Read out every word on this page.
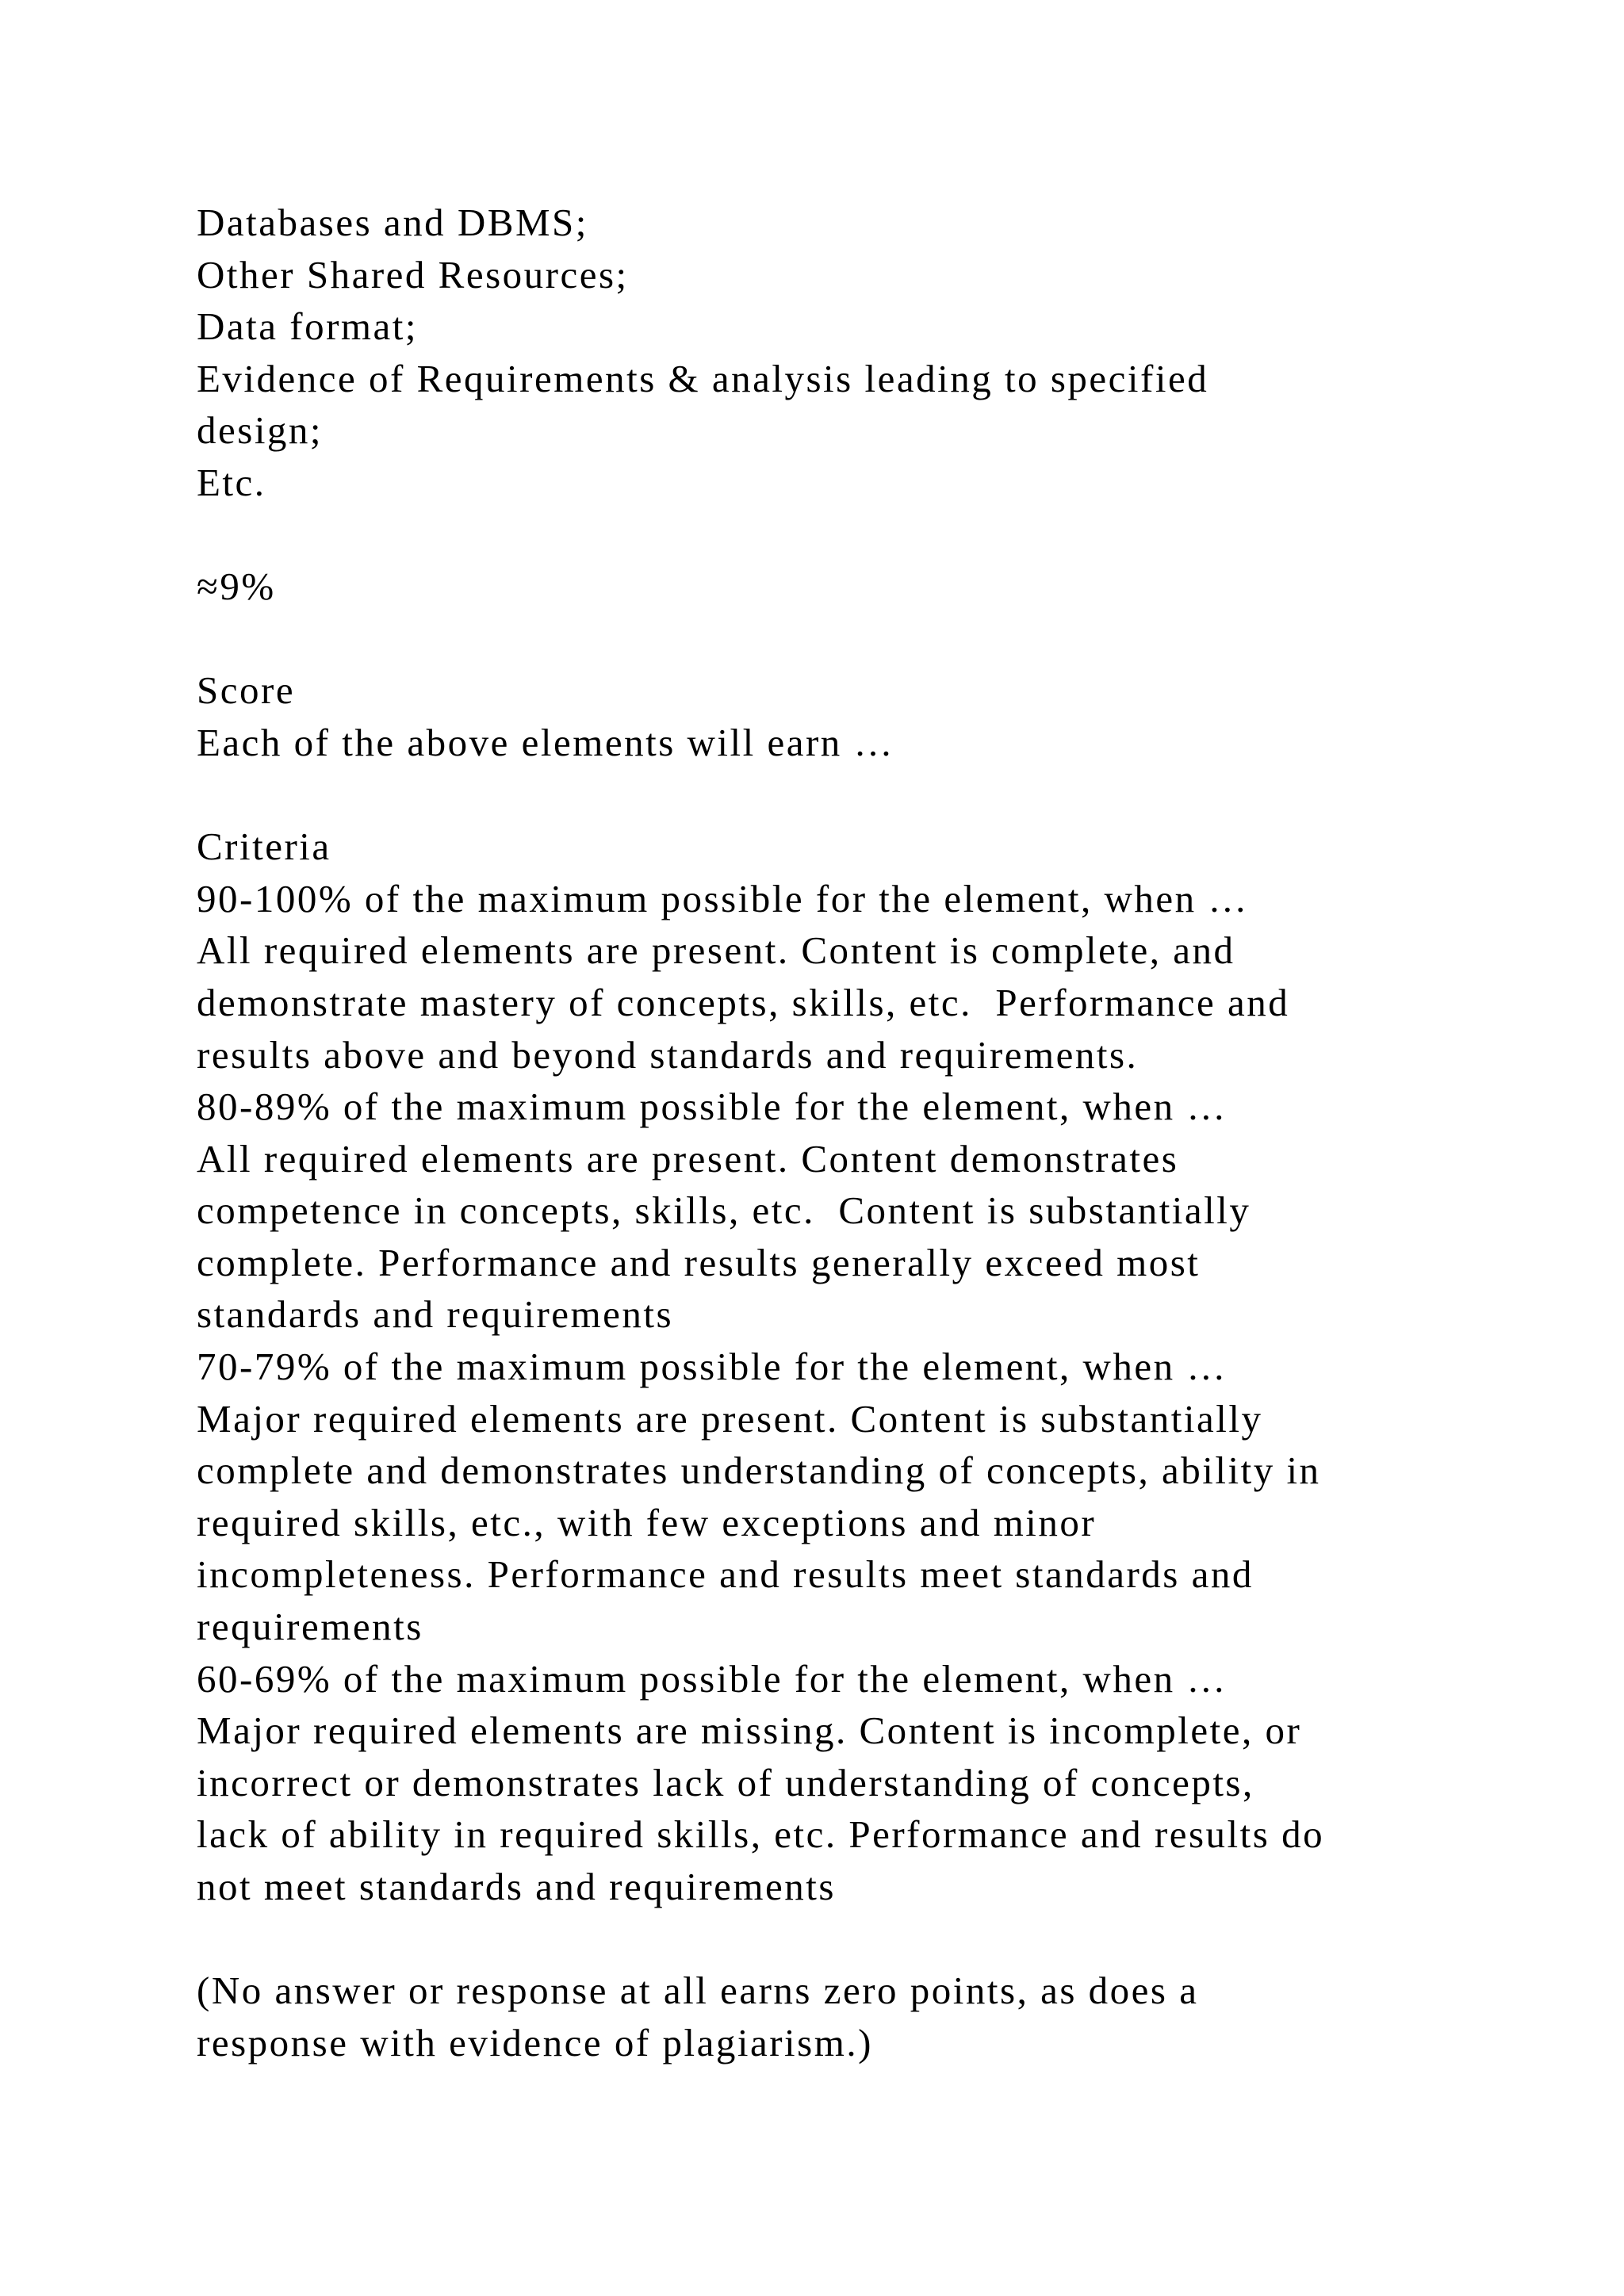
Databases and DBMS;
Other Shared Resources;
Data format;
Evidence of Requirements & analysis leading to specified
design;
Etc.
≈9%
Score
Each of the above elements will earn …
Criteria
90-100% of the maximum possible for the element, when …
All required elements are present. Content is complete, and
demonstrate mastery of concepts, skills, etc.  Performance and
results above and beyond standards and requirements.
80-89% of the maximum possible for the element, when …
All required elements are present. Content demonstrates
competence in concepts, skills, etc.  Content is substantially
complete. Performance and results generally exceed most
standards and requirements
70-79% of the maximum possible for the element, when …
Major required elements are present. Content is substantially
complete and demonstrates understanding of concepts, ability in
required skills, etc., with few exceptions and minor
incompleteness. Performance and results meet standards and
requirements
60-69% of the maximum possible for the element, when …
Major required elements are missing. Content is incomplete, or
incorrect or demonstrates lack of understanding of concepts,
lack of ability in required skills, etc. Performance and results do
not meet standards and requirements
(No answer or response at all earns zero points, as does a
response with evidence of plagiarism.)
